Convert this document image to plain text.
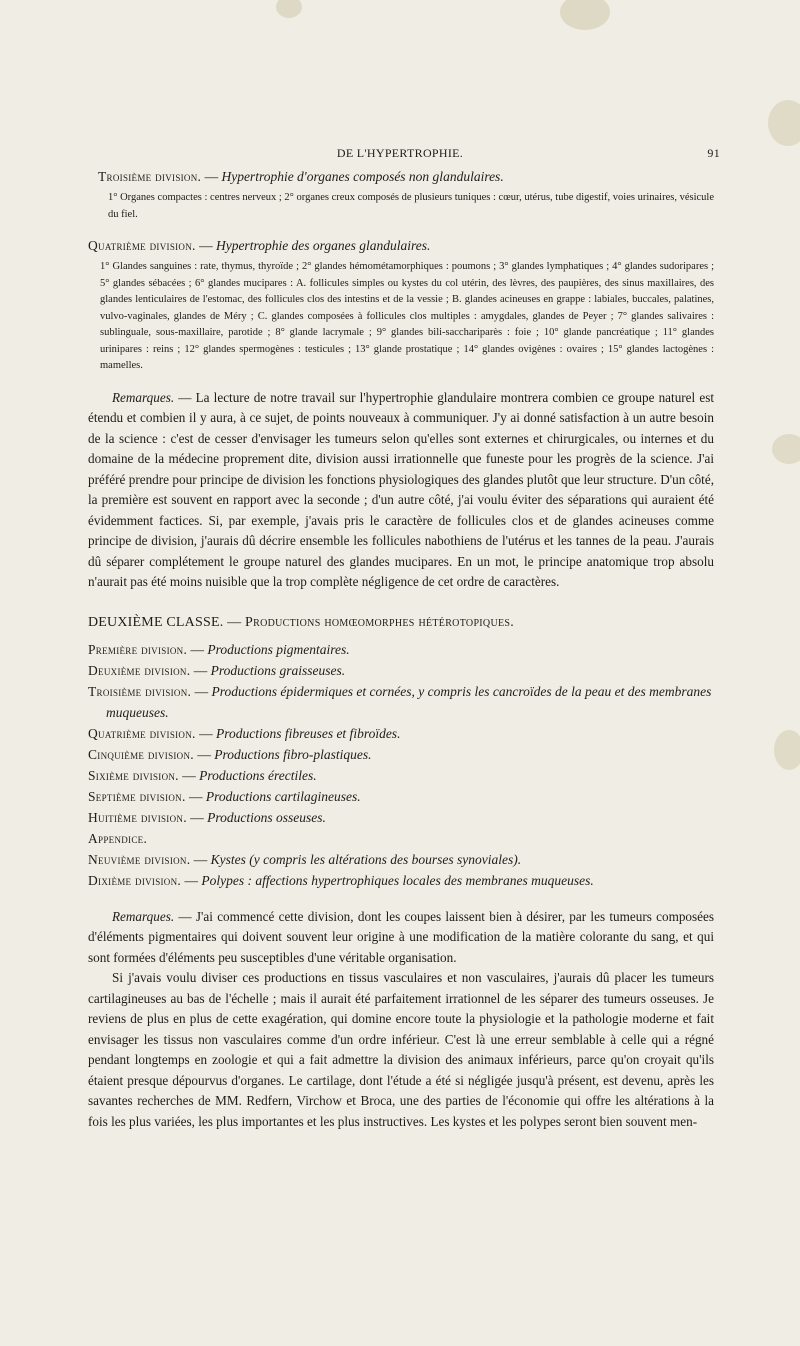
DE L'HYPERTROPHIE.	91

Troisième division. — Hypertrophie d'organes composés non glandulaires.

1° Organes compactes : centres nerveux ; 2° organes creux composés de plusieurs tuniques : cœur, utérus, tube digestif, voies urinaires, vésicule du fiel.

Quatrième division. — Hypertrophie des organes glandulaires.

1° Glandes sanguines : rate, thymus, thyroïde ; 2° glandes hémométamorphiques : poumons ; 3° glandes lymphatiques ; 4° glandes sudoripares ; 5° glandes sébacées ; 6° glandes mucipares : A. follicules simples ou kystes du col utérin, des lèvres, des paupières, des sinus maxillaires, des glandes lenticulaires de l'estomac, des follicules clos des intestins et de la vessie ; B. glandes acineuses en grappe : labiales, buccales, palatines, vulvo-vaginales, glandes de Méry ; C. glandes composées à follicules clos multiples : amygdales, glandes de Peyer ; 7° glandes salivaires : sublinguale, sous-maxillaire, parotide ; 8° glande lacrymale ; 9° glandes bili-sacchariparès : foie ; 10° glande pancréatique ; 11° glandes urinipares : reins ; 12° glandes spermogènes : testicules ; 13° glande prostatique ; 14° glandes ovigènes : ovaires ; 15° glandes lactogènes : mamelles.

Remarques. — La lecture de notre travail sur l'hypertrophie glandulaire montrera combien ce groupe naturel est étendu et combien il y aura, à ce sujet, de points nouveaux à communiquer. J'y ai donné satisfaction à un autre besoin de la science : c'est de cesser d'envisager les tumeurs selon qu'elles sont externes et chirurgicales, ou internes et du domaine de la médecine proprement dite, division aussi irrationnelle que funeste pour les progrès de la science. J'ai préféré prendre pour principe de division les fonctions physiologiques des glandes plutôt que leur structure. D'un côté, la première est souvent en rapport avec la seconde ; d'un autre côté, j'ai voulu éviter des séparations qui auraient été évidemment factices. Si, par exemple, j'avais pris le caractère de follicules clos et de glandes acineuses comme principe de division, j'aurais dû décrire ensemble les follicules nabothiens de l'utérus et les tannes de la peau. J'aurais dû séparer complétement le groupe naturel des glandes mucipares. En un mot, le principe anatomique trop absolu n'aurait pas été moins nuisible que la trop complète négligence de cet ordre de caractères.

DEUXIÈME CLASSE. — Productions homœomorphes hétérotopiques.

Première division. — Productions pigmentaires.

Deuxième division. — Productions graisseuses.

Troisième division. — Productions épidermiques et cornées, y compris les cancroïdes de la peau et des membranes muqueuses.

Quatrième division. — Productions fibreuses et fibroïdes.

Cinquième division. — Productions fibro-plastiques.

Sixième division. — Productions érectiles.

Septième division. — Productions cartilagineuses.

Huitième division. — Productions osseuses.

Appendice.

Neuvième division. — Kystes (y compris les altérations des bourses synoviales).

Dixième division. — Polypes : affections hypertrophiques locales des membranes muqueuses.

Remarques. — J'ai commencé cette division, dont les coupes laissent bien à désirer, par les tumeurs composées d'éléments pigmentaires qui doivent souvent leur origine à une modification de la matière colorante du sang, et qui sont formées d'éléments peu susceptibles d'une véritable organisation.

Si j'avais voulu diviser ces productions en tissus vasculaires et non vasculaires, j'aurais dû placer les tumeurs cartilagineuses au bas de l'échelle ; mais il aurait été parfaitement irrationnel de les séparer des tumeurs osseuses. Je reviens de plus en plus de cette exagération, qui domine encore toute la physiologie et la pathologie moderne et fait envisager les tissus non vasculaires comme d'un ordre inférieur. C'est là une erreur semblable à celle qui a régné pendant longtemps en zoologie et qui a fait admettre la division des animaux inférieurs, parce qu'on croyait qu'ils étaient presque dépourvus d'organes. Le cartilage, dont l'étude a été si négligée jusqu'à présent, est devenu, après les savantes recherches de MM. Redfern, Virchow et Broca, une des parties de l'économie qui offre les altérations à la fois les plus variées, les plus importantes et les plus instructives. Les kystes et les polypes seront bien souvent men-
